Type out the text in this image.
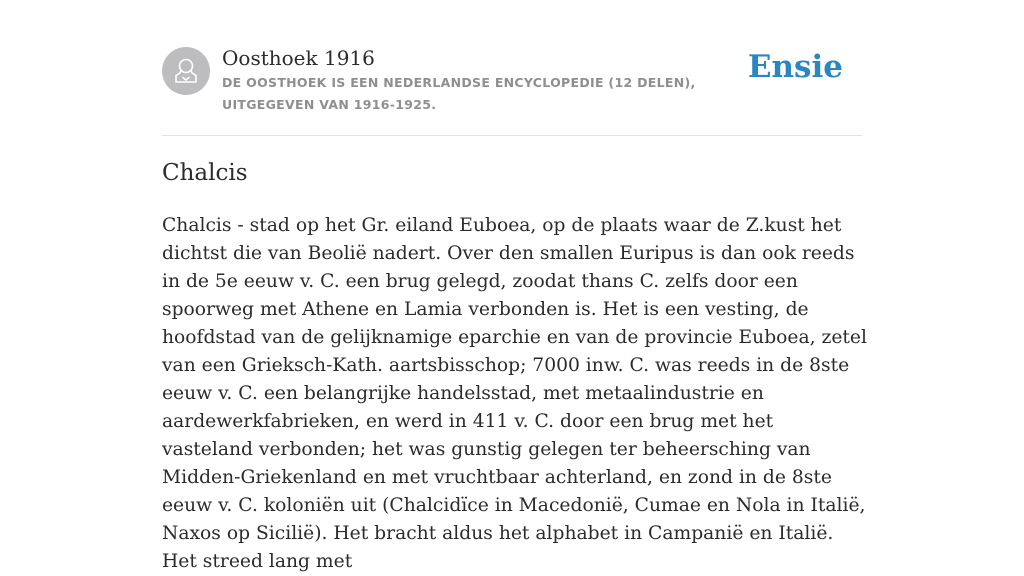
Oosthoek 1916
DE OOSTHOEK IS EEN NEDERLANDSE ENCYCLOPEDIE (12 DELEN), UITGEGEVEN VAN 1916-1925.
Ensie
Chalcis

Chalcis - stad op het Gr. eiland Euboea, op de plaats waar de Z.kust het dichtst die van Beolië nadert. Over den smallen Euripus is dan ook reeds in de 5e eeuw v. C. een brug gelegd, zoodat thans C. zelfs door een spoorweg met Athene en Lamia verbonden is. Het is een vesting, de hoofdstad van de gelijknamige eparchie en van de provincie Euboea, zetel van een Grieksch-Kath. aartsbisschop; 7000 inw. C. was reeds in de 8ste eeuw v. C. een belangrijke handelsstad, met metaalindustrie en aardewerkfabrieken, en werd in 411 v. C. door een brug met het vasteland verbonden; het was gunstig gelegen ter beheersching van Midden-Griekenland en met vruchtbaar achterland, en zond in de 8ste eeuw v. C. koloniën uit (Chalcidïce in Macedonië, Cumae en Nola in Italië, Naxos op Sicilië). Het bracht aldus het alphabet in Campanië en Italië. Het streed lang met
